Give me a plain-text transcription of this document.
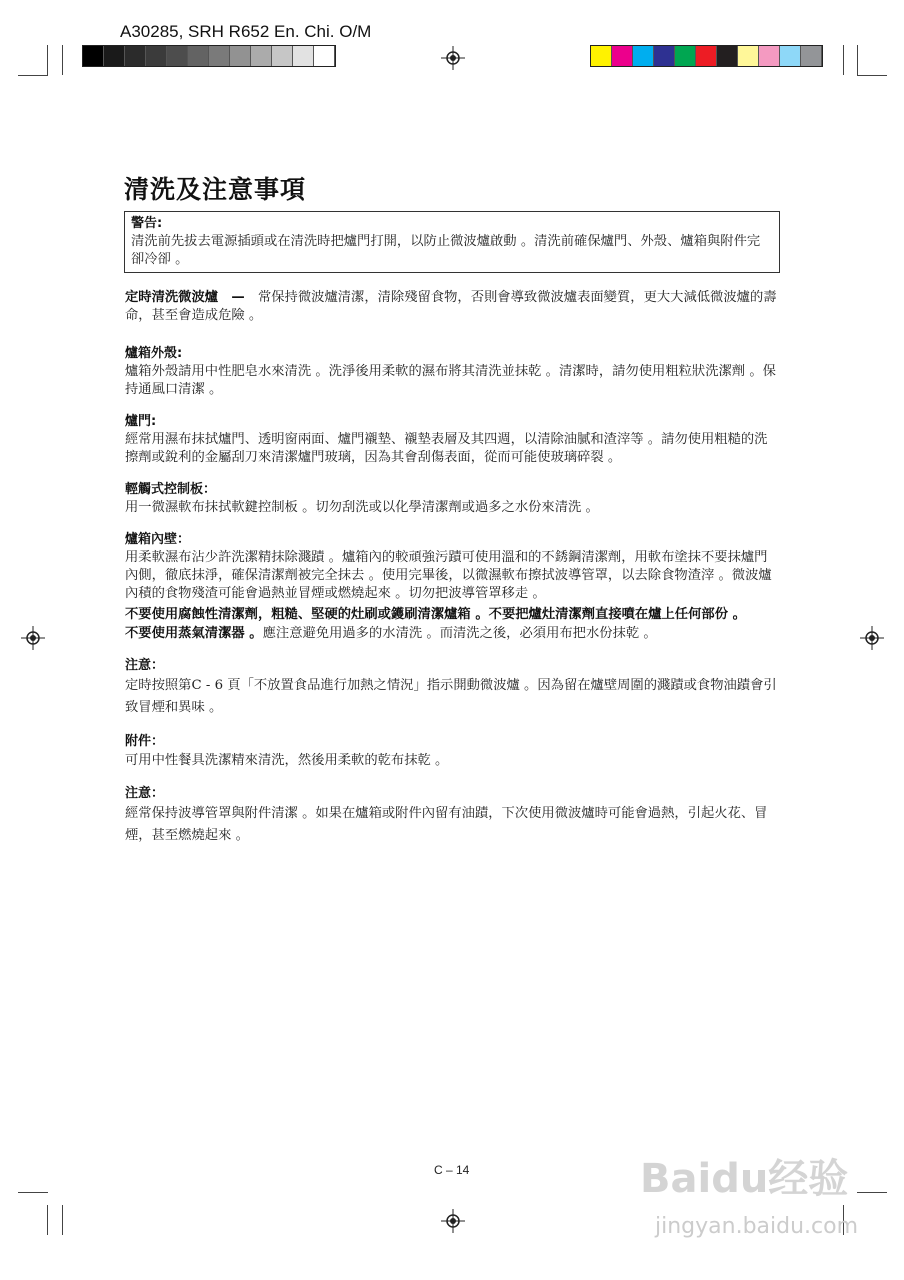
A30285, SRH R652 En. Chi. O/M
清洗及注意事項
警告:
清洗前先拔去電源插頭或在清洗時把爐門打開，以防止微波爐啟動 。清洗前確保爐門、外殼、爐箱與附件完卻冷卻 。
定時清洗微波爐　—　 常保持微波爐清潔，清除殘留食物，否則會導致微波爐表面變質，更大大減低微波爐的壽命，甚至會造成危險 。
爐箱外殼:
爐箱外殼請用中性肥皂水來清洗 。洗淨後用柔軟的濕布將其清洗並抹乾 。清潔時，請勿使用粗粒狀洗潔劑 。保持通風口清潔 。
爐門:
經常用濕布抹拭爐門、透明窗兩面、爐門襯墊、襯墊表層及其四週，以清除油膩和渣滓等 。請勿使用粗糙的洗擦劑或銳利的金屬刮刀來清潔爐門玻璃，因為其會刮傷表面，從而可能使玻璃碎裂 。
輕觸式控制板：
用一微濕軟布抹拭軟鍵控制板 。切勿刮洗或以化學清潔劑或過多之水份來清洗 。
爐箱內壁：
用柔軟濕布沾少許洗潔精抹除濺蹟 。爐箱內的較頑強污蹟可使用溫和的不銹鋼清潔劑，用軟布塗抹不要抹爐門內側，徹底抹淨，確保清潔劑被完全抹去 。使用完畢後，以微濕軟布擦拭波導管罩，以去除食物渣滓 。微波爐內積的食物殘渣可能會過熱並冒煙或燃燒起來 。切勿把波導管罩移走 。
不要使用腐蝕性清潔劑，粗糙、堅硬的灶刷或鑊刷清潔爐箱 。不要把爐灶清潔劑直接噴在爐上任何部份 。
不要使用蒸氣清潔器 。應注意避免用過多的水清洗 。而清洗之後，必須用布把水份抹乾 。
注意：
定時按照第C - 6 頁「不放置食品進行加熱之情況」指示開動微波爐 。因為留在爐壁周圍的濺蹟或食物油蹟會引致冒煙和異味 。
附件：
可用中性餐具洗潔精來清洗，然後用柔軟的乾布抹乾 。
注意：
經常保持波導管罩與附件清潔 。如果在爐箱或附件內留有油蹟，下次使用微波爐時可能會過熱，引起火花、冒煙，甚至燃燒起來 。
C – 14	Baidu经验
jingyan.baidu.com
